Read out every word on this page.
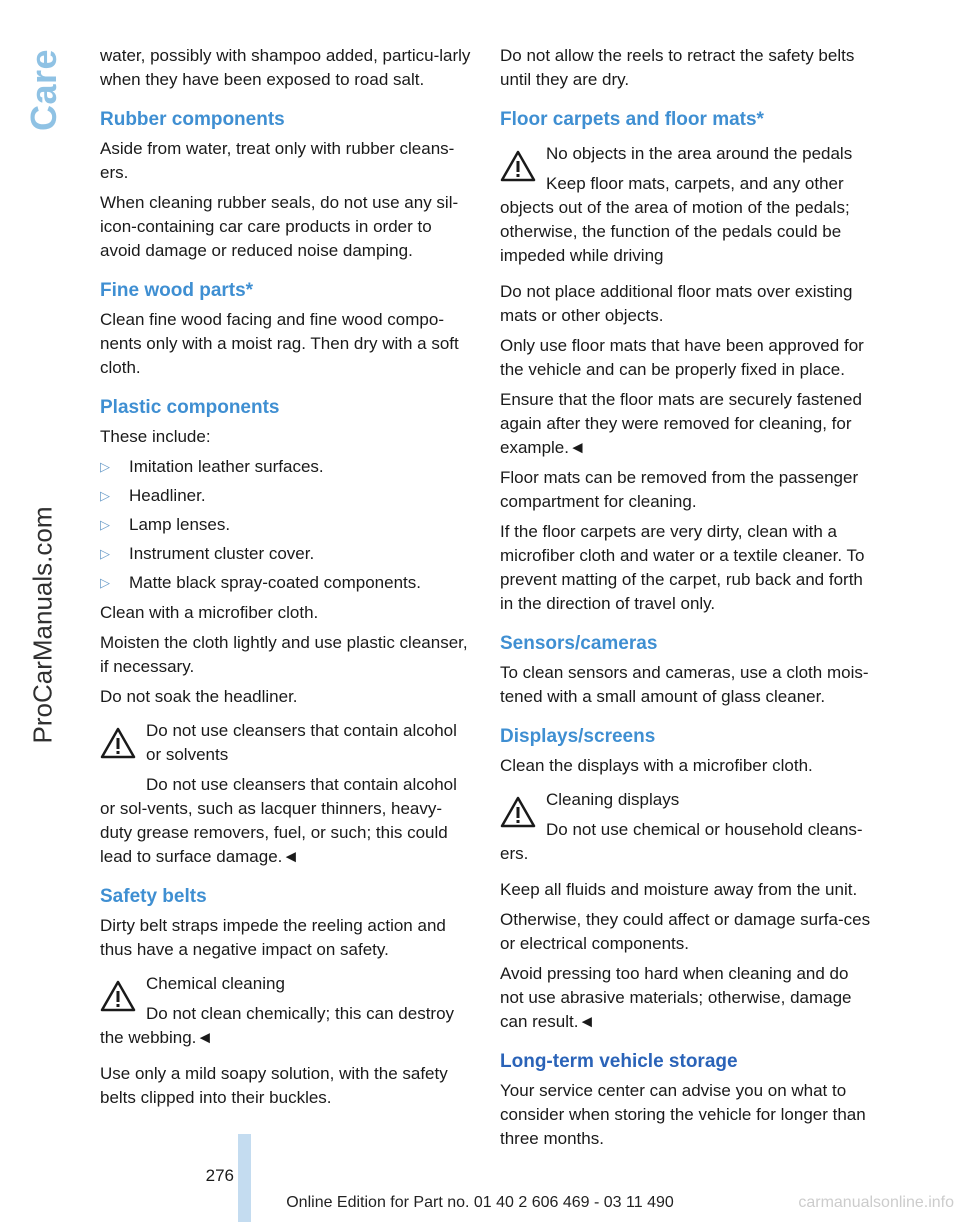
Care
ProCarManuals.com

water, possibly with shampoo added, particu-larly when they have been exposed to road salt.

Rubber components

Aside from water, treat only with rubber cleans-ers.

When cleaning rubber seals, do not use any sil-icon-containing car care products in order to avoid damage or reduced noise damping.

Fine wood parts*

Clean fine wood facing and fine wood compo-nents only with a moist rag. Then dry with a soft cloth.

Plastic components

These include:

▷ Imitation leather surfaces.
▷ Headliner.
▷ Lamp lenses.
▷ Instrument cluster cover.
▷ Matte black spray-coated components.

Clean with a microfiber cloth.

Moisten the cloth lightly and use plastic cleanser, if necessary.

Do not soak the headliner.

Do not use cleansers that contain alcohol or solvents

Do not use cleansers that contain alcohol or sol-vents, such as lacquer thinners, heavy-duty grease removers, fuel, or such; this could lead to surface damage.◄

Safety belts

Dirty belt straps impede the reeling action and thus have a negative impact on safety.

Chemical cleaning

Do not clean chemically; this can destroy the webbing.◄

Use only a mild soapy solution, with the safety belts clipped into their buckles.

Do not allow the reels to retract the safety belts until they are dry.

Floor carpets and floor mats*

No objects in the area around the pedals

Keep floor mats, carpets, and any other objects out of the area of motion of the pedals; otherwise, the function of the pedals could be impeded while driving

Do not place additional floor mats over existing mats or other objects.

Only use floor mats that have been approved for the vehicle and can be properly fixed in place.

Ensure that the floor mats are securely fastened again after they were removed for cleaning, for example.◄

Floor mats can be removed from the passenger compartment for cleaning.

If the floor carpets are very dirty, clean with a microfiber cloth and water or a textile cleaner. To prevent matting of the carpet, rub back and forth in the direction of travel only.

Sensors/cameras

To clean sensors and cameras, use a cloth mois-tened with a small amount of glass cleaner.

Displays/screens

Clean the displays with a microfiber cloth.

Cleaning displays

Do not use chemical or household cleans-ers.

Keep all fluids and moisture away from the unit.

Otherwise, they could affect or damage surfa-ces or electrical components.

Avoid pressing too hard when cleaning and do not use abrasive materials; otherwise, damage can result.◄

Long-term vehicle storage

Your service center can advise you on what to consider when storing the vehicle for longer than three months.

276
Online Edition for Part no. 01 40 2 606 469 - 03 11 490	carmanualsonline.info
